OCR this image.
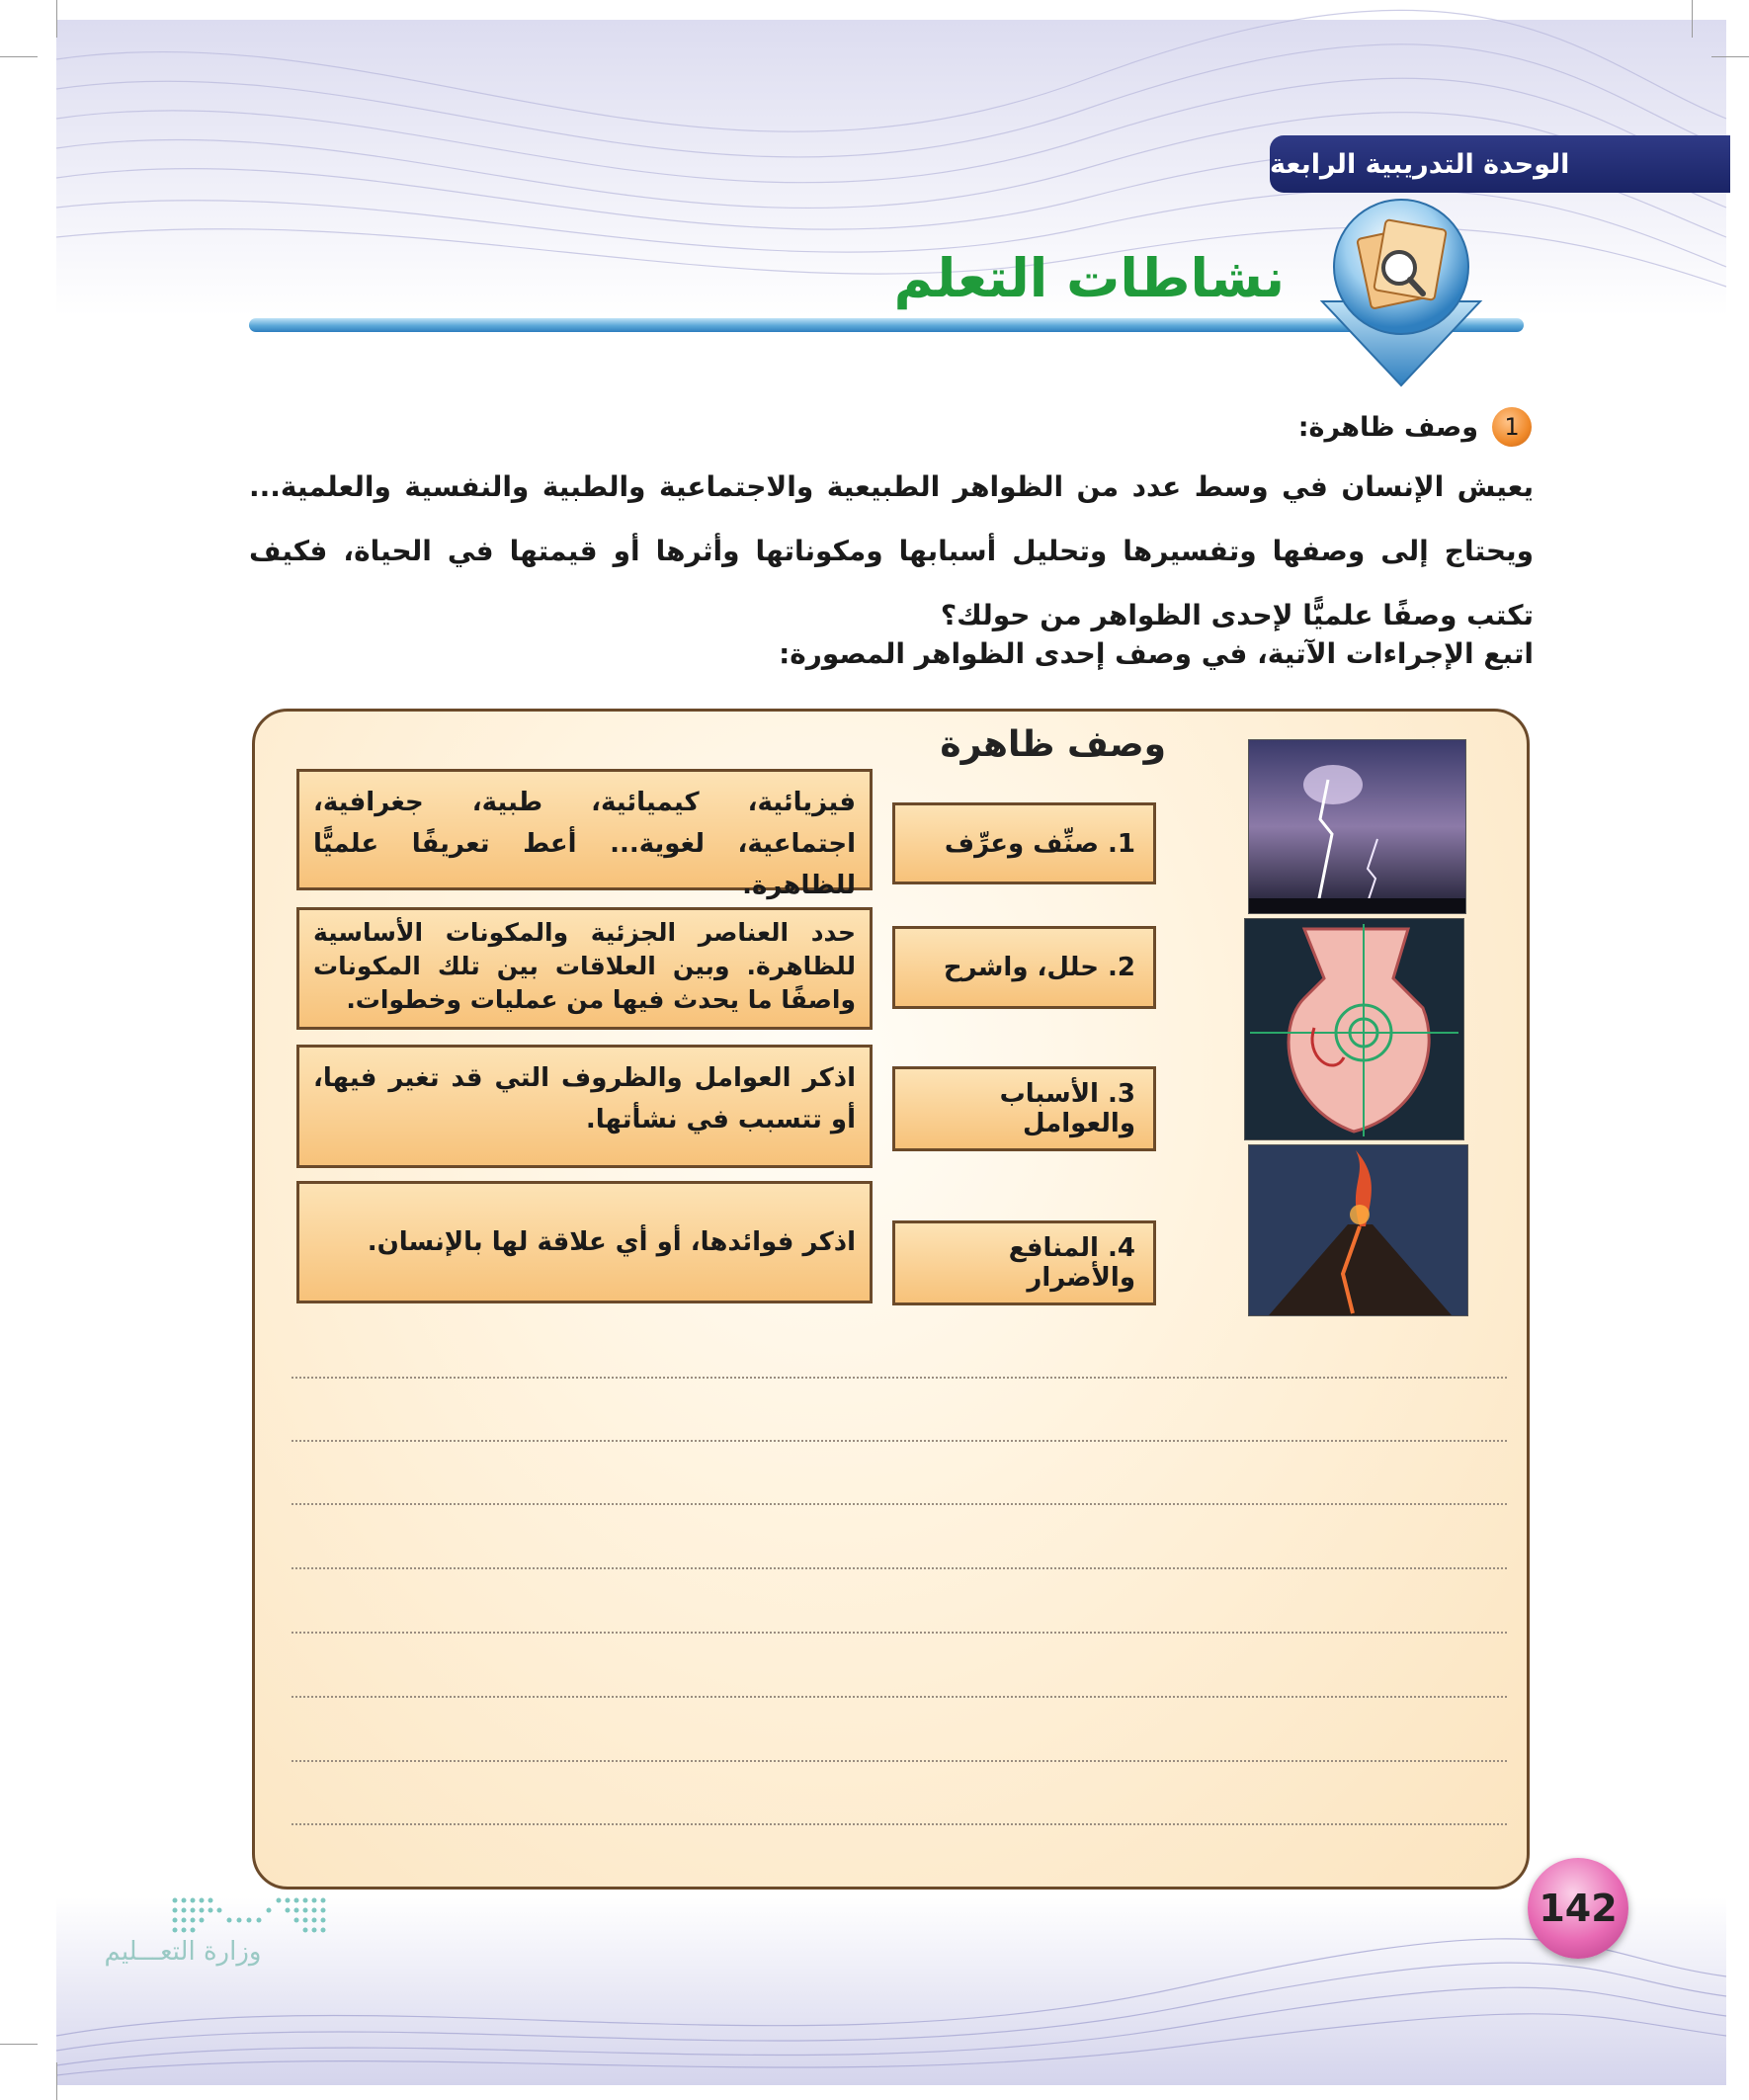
الوحدة التدريبية الرابعة
نشاطات التعلم
1
وصف ظاهرة:
يعيش الإنسان في وسط عدد من الظواهر الطبيعية والاجتماعية والطبية والنفسية والعلمية... ويحتاج إلى وصفها وتفسيرها وتحليل أسبابها ومكوناتها وأثرها أو قيمتها في الحياة، فكيف تكتب وصفًا علميًّا لإحدى الظواهر من حولك؟
اتبع الإجراءات الآتية، في وصف إحدى الظواهر المصورة:
وصف ظاهرة
1. صنِّف وعرِّف
2. حلل، واشرح
3. الأسباب والعوامل
4. المنافع والأضرار
فيزيائية، كيميائية، طبية، جغرافية، اجتماعية، لغوية... أعط تعريفًا علميًّا للظاهرة.
حدد العناصر الجزئية والمكونات الأساسية للظاهرة. وبين العلاقات بين تلك المكونات واصفًا ما يحدث فيها من عمليات وخطوات.
اذكر العوامل والظروف التي قد تغير فيها، أو تتسبب في نشأتها.
اذكر فوائدها، أو أي علاقة لها بالإنسان.
142
وزارة التعـــليم
